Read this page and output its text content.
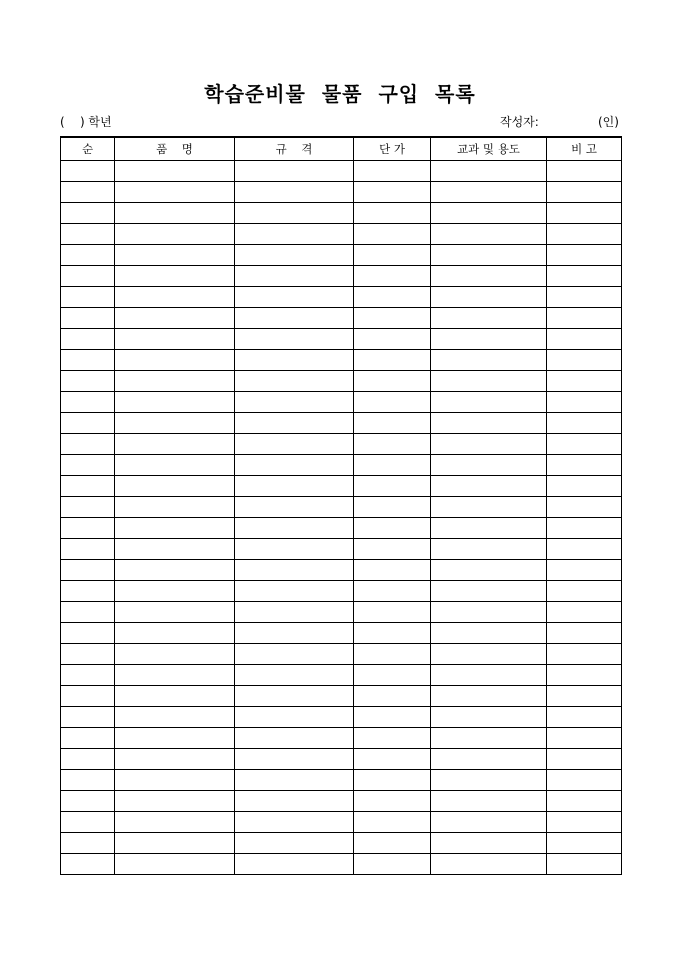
학습준비물 물품 구입 목록
(    ) 학년	작성자:	(인)
순	품    명	규    격	단 가	교과 및 용도	비 고
